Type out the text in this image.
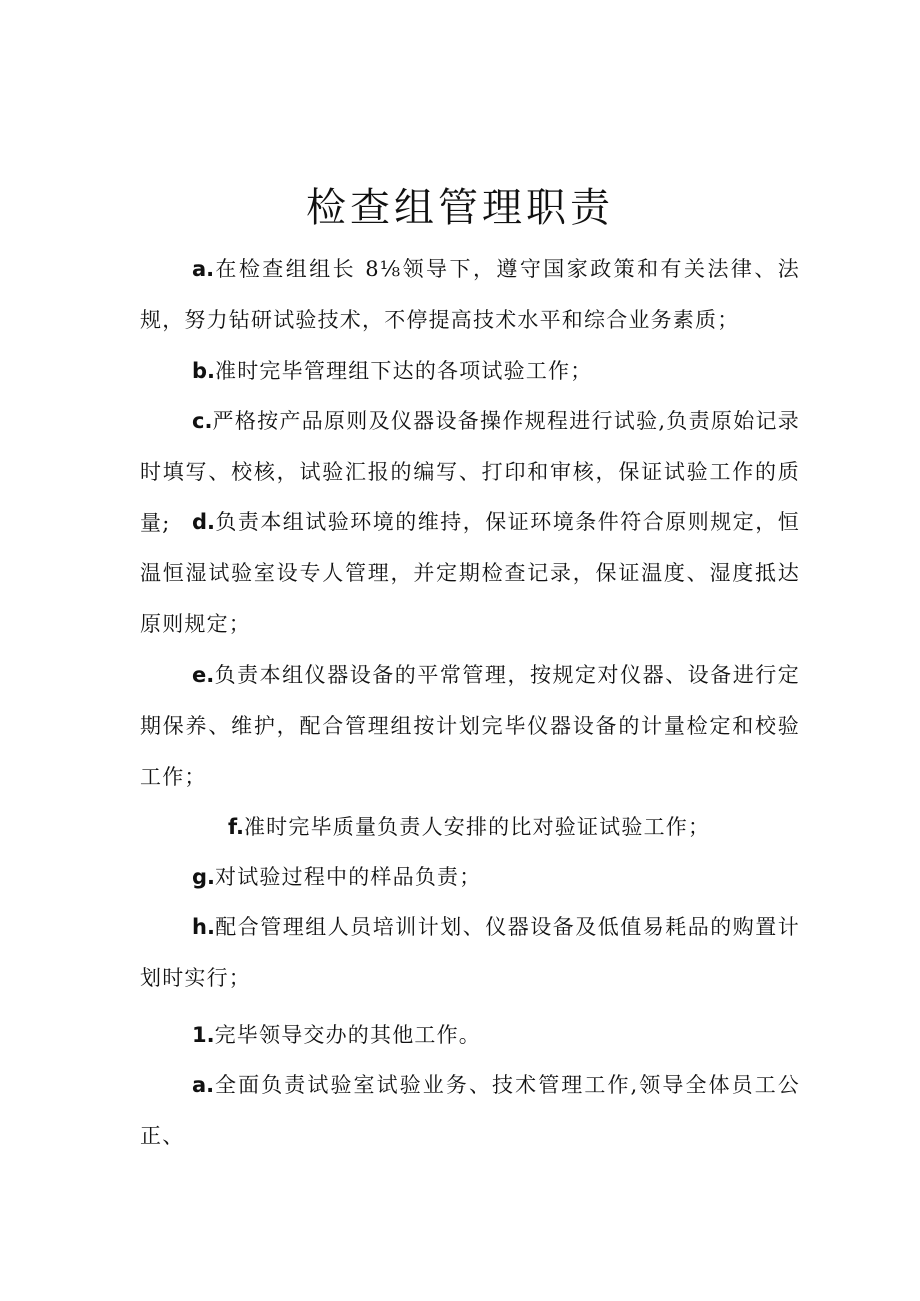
检查组管理职责

a.在检查组组长 8⅛领导下，遵守国家政策和有关法律、法规，努力钻研试验技术，不停提高技术水平和综合业务素质；

b.准时完毕管理组下达的各项试验工作；

c.严格按产品原则及仪器设备操作规程进行试验,负责原始记录时填写、校核，试验汇报的编写、打印和审核，保证试验工作的质量;	d.负责本组试验环境的维持，保证环境条件符合原则规定，恒温恒湿试验室设专人管理，并定期检查记录，保证温度、湿度抵达原则规定；

e.负责本组仪器设备的平常管理，按规定对仪器、设备进行定期保养、维护，配合管理组按计划完毕仪器设备的计量检定和校验工作；

f.准时完毕质量负责人安排的比对验证试验工作；

g.对试验过程中的样品负责；

h.配合管理组人员培训计划、仪器设备及低值易耗品的购置计划时实行；

1.完毕领导交办的其他工作。

a.全面负责试验室试验业务、技术管理工作,领导全体员工公正、
